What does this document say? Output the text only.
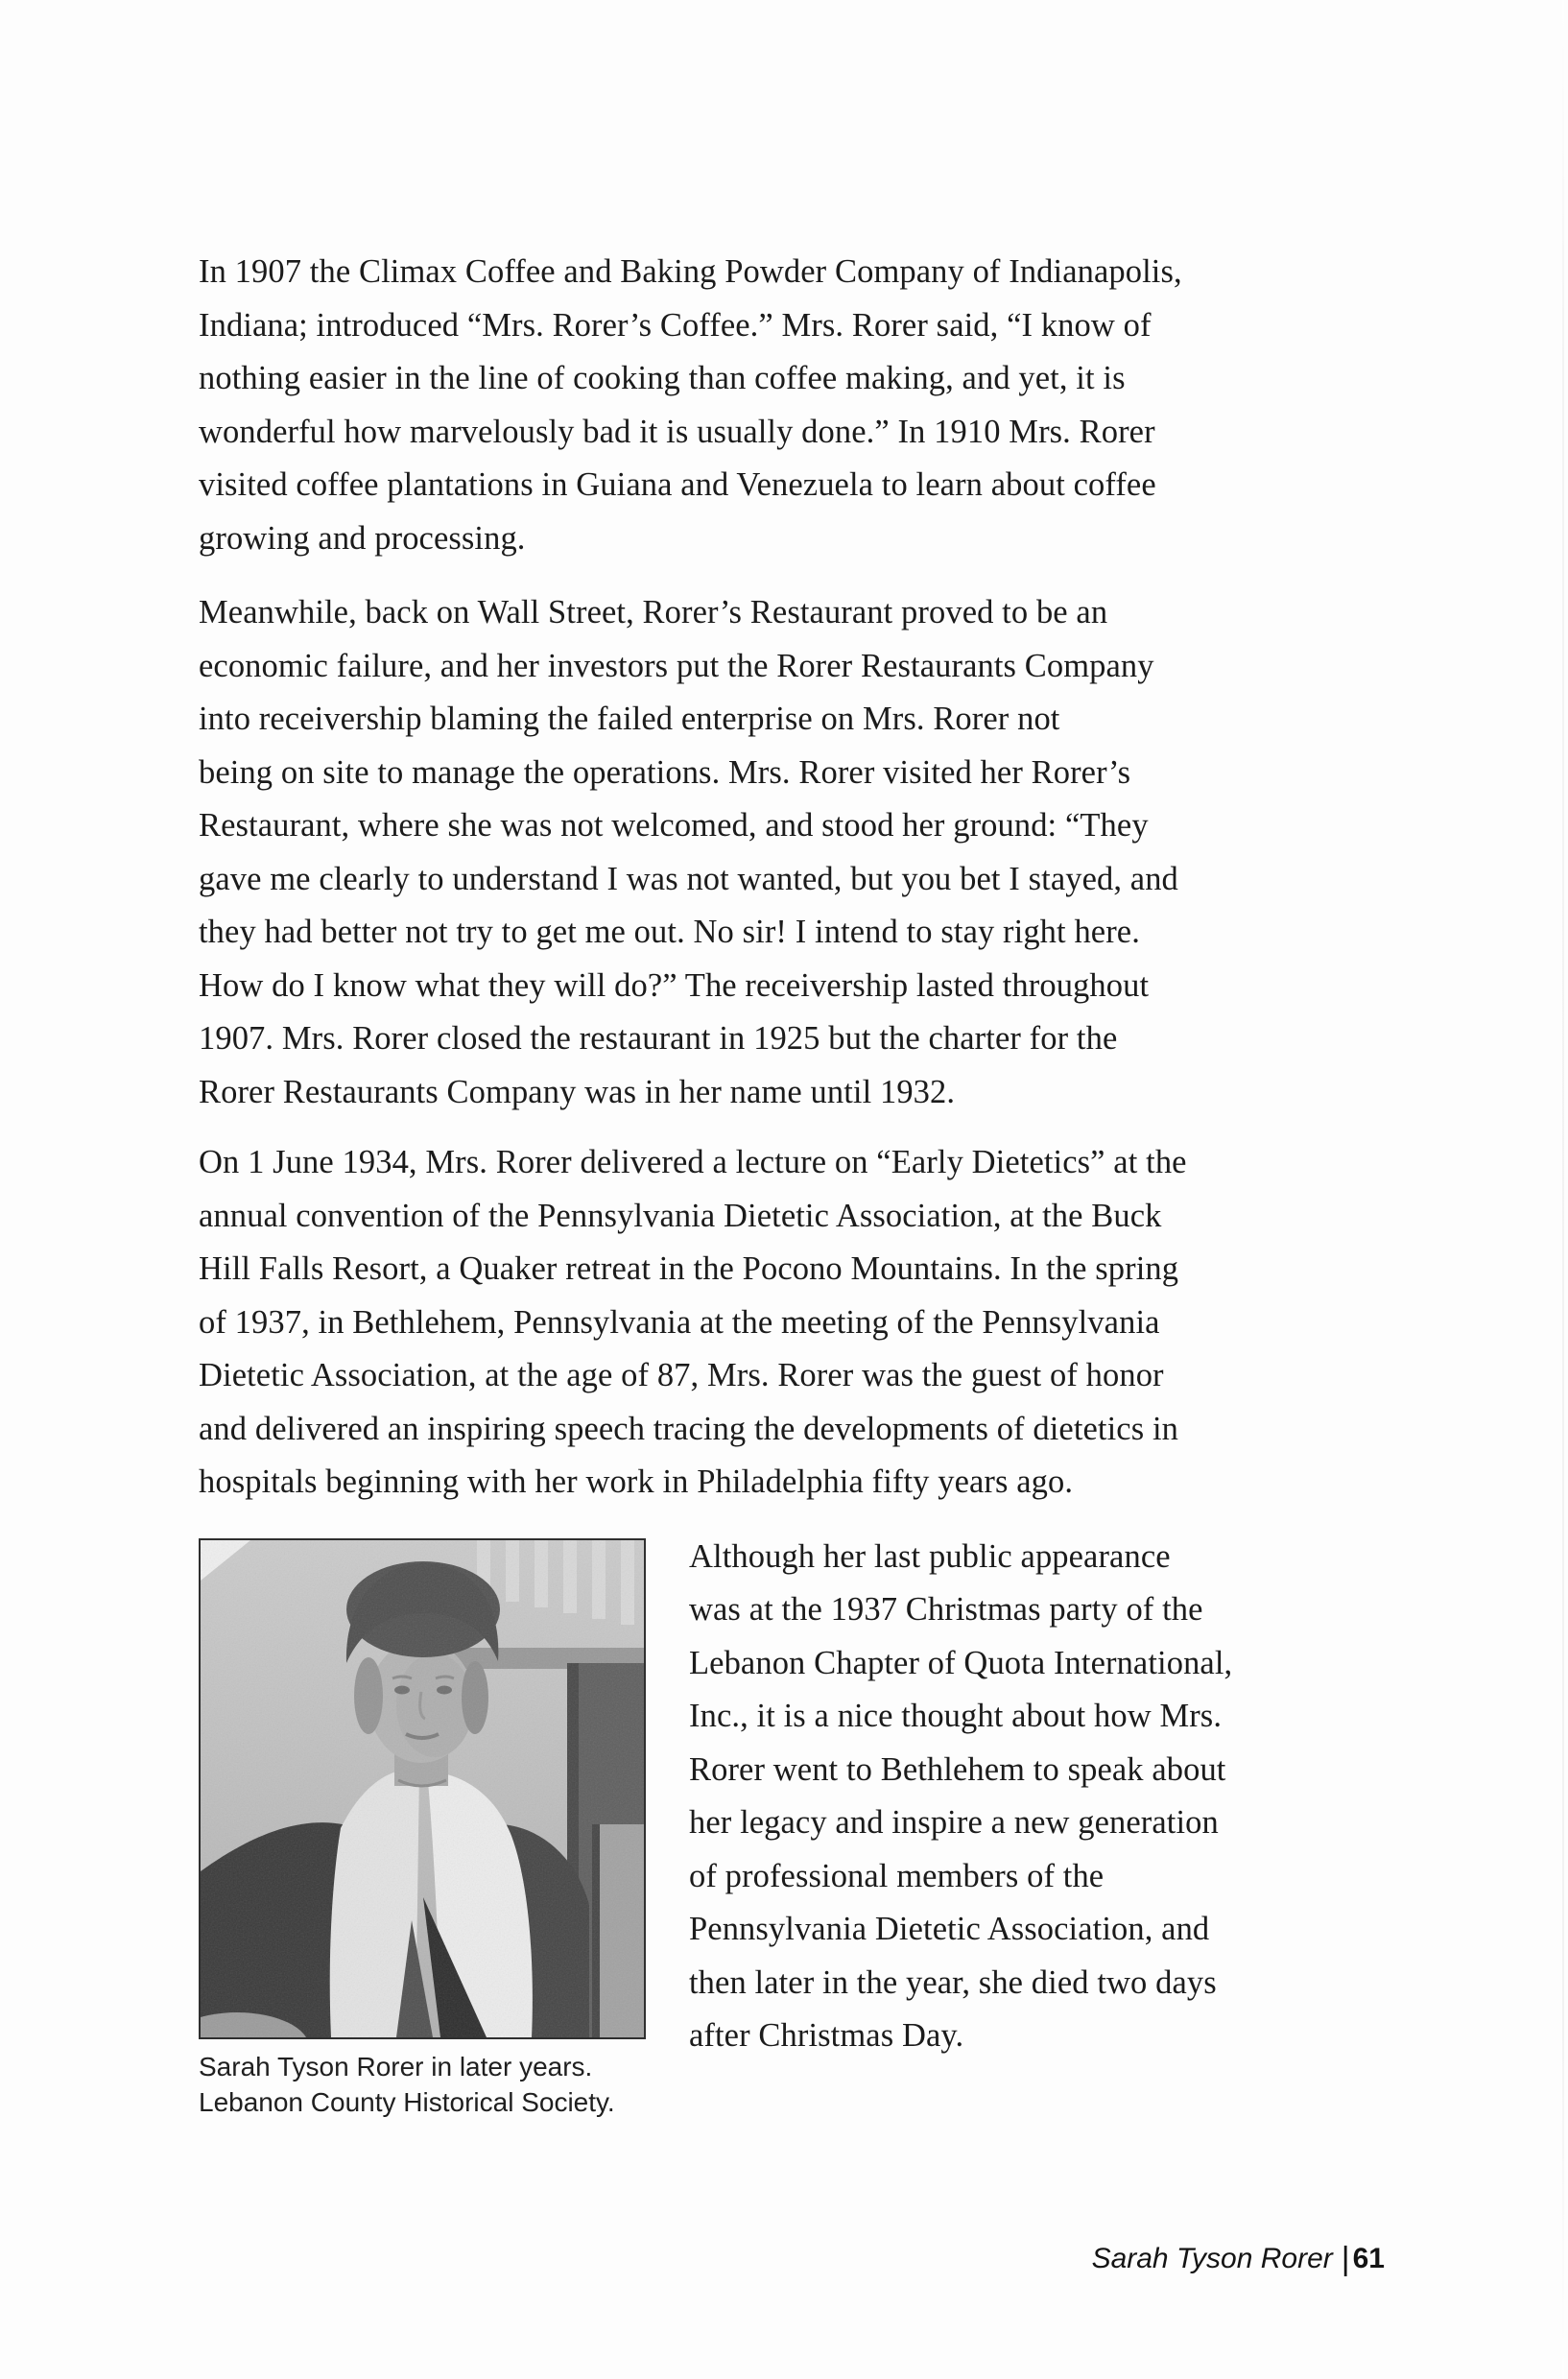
In 1907 the Climax Coffee and Baking Powder Company of Indianapolis,
Indiana; introduced “Mrs. Rorer’s Coffee.” Mrs. Rorer said, “I know of
nothing easier in the line of cooking than coffee making, and yet, it is
wonderful how marvelously bad it is usually done.” In 1910 Mrs. Rorer
visited coffee plantations in Guiana and Venezuela to learn about coffee
growing and processing.
Meanwhile, back on Wall Street, Rorer’s Restaurant proved to be an
economic failure, and her investors put the Rorer Restaurants Company
into receivership blaming the failed enterprise on Mrs. Rorer not
being on site to manage the operations. Mrs. Rorer visited her Rorer’s
Restaurant, where she was not welcomed, and stood her ground: “They
gave me clearly to understand I was not wanted, but you bet I stayed, and
they had better not try to get me out. No sir! I intend to stay right here.
How do I know what they will do?” The receivership lasted throughout
1907. Mrs. Rorer closed the restaurant in 1925 but the charter for the
Rorer Restaurants Company was in her name until 1932.
On 1 June 1934, Mrs. Rorer delivered a lecture on “Early Dietetics” at the
annual convention of the Pennsylvania Dietetic Association, at the Buck
Hill Falls Resort, a Quaker retreat in the Pocono Mountains. In the spring
of 1937, in Bethlehem, Pennsylvania at the meeting of the Pennsylvania
Dietetic Association, at the age of 87, Mrs. Rorer was the guest of honor
and delivered an inspiring speech tracing the developments of dietetics in
hospitals beginning with her work in Philadelphia fifty years ago.
Sarah Tyson Rorer in later years.
Lebanon County Historical Society.
Although her last public appearance
was at the 1937 Christmas party of the
Lebanon Chapter of Quota International,
Inc., it is a nice thought about how Mrs.
Rorer went to Bethlehem to speak about
her legacy and inspire a new generation
of professional members of the
Pennsylvania Dietetic Association, and
then later in the year, she died two days
after Christmas Day.
Sarah Tyson Rorer | 61
